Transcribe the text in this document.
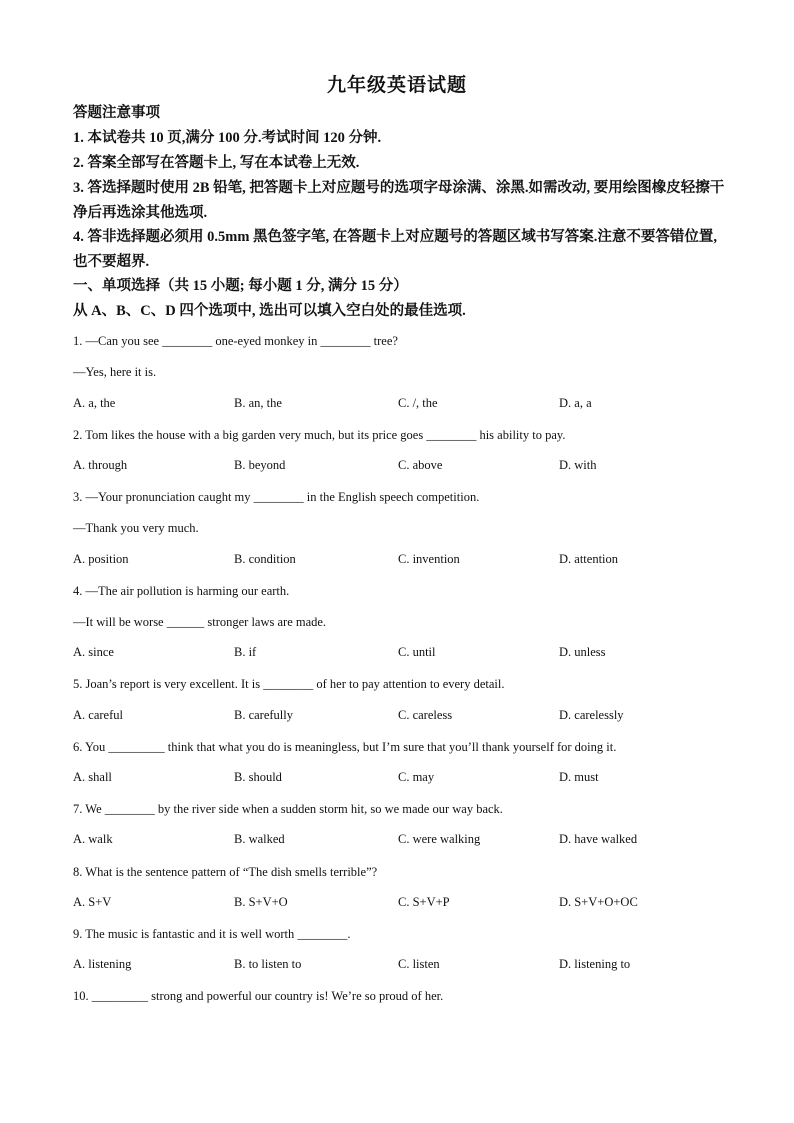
九年级英语试题
答题注意事项
1. 本试卷共 10 页,满分 100 分.考试时间 120 分钟.
2. 答案全部写在答题卡上, 写在本试卷上无效.
3. 答选择题时使用 2B 铅笔, 把答题卡上对应题号的选项字母涂满、涂黑.如需改动, 要用绘图橡皮轻擦干净后再选涂其他选项.
4. 答非选择题必须用 0.5mm 黑色签字笔, 在答题卡上对应题号的答题区域书写答案.注意不要答错位置, 也不要超界.
一、单项选择（共 15 小题; 每小题 1 分, 满分 15 分）
从 A、B、C、D 四个选项中, 选出可以填入空白处的最佳选项.
1. —Can you see ________ one-eyed monkey in ________ tree?
—Yes, here it is.
A. a, the	B. an, the	C. /, the	D. a, a
2. Tom likes the house with a big garden very much, but its price goes ________ his ability to pay.
A. through	B. beyond	C. above	D. with
3. —Your pronunciation caught my ________ in the English speech competition.
—Thank you very much.
A. position	B. condition	C. invention	D. attention
4. —The air pollution is harming our earth.
—It will be worse ______ stronger laws are made.
A. since	B. if	C. until	D. unless
5. Joan’s report is very excellent. It is ________ of her to pay attention to every detail.
A. careful	B. carefully	C. careless	D. carelessly
6. You _________ think that what you do is meaningless, but I’m sure that you’ll thank yourself for doing it.
A. shall	B. should	C. may	D. must
7. We ________ by the river side when a sudden storm hit, so we made our way back.
A. walk	B. walked	C. were walking	D. have walked
8. What is the sentence pattern of “The dish smells terrible”?
A. S+V	B. S+V+O	C. S+V+P	D. S+V+O+OC
9. The music is fantastic and it is well worth ________.
A. listening	B. to listen to	C. listen	D. listening to
10. _________ strong and powerful our country is! We’re so proud of her.
